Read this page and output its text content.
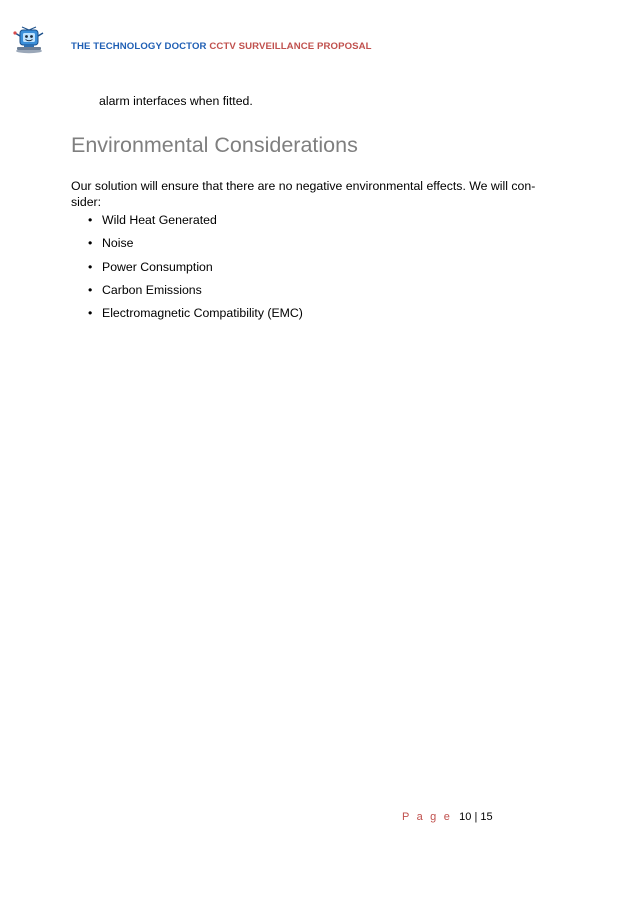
THE TECHNOLOGY DOCTOR CCTV SURVEILLANCE PROPOSAL
alarm interfaces when fitted.
Environmental Considerations

Our solution will ensure that there are no negative environmental effects. We will con-sider:

• Wild Heat Generated
• Noise
• Power Consumption
• Carbon Emissions
• Electromagnetic Compatibility (EMC)
P a g e 10 | 15
